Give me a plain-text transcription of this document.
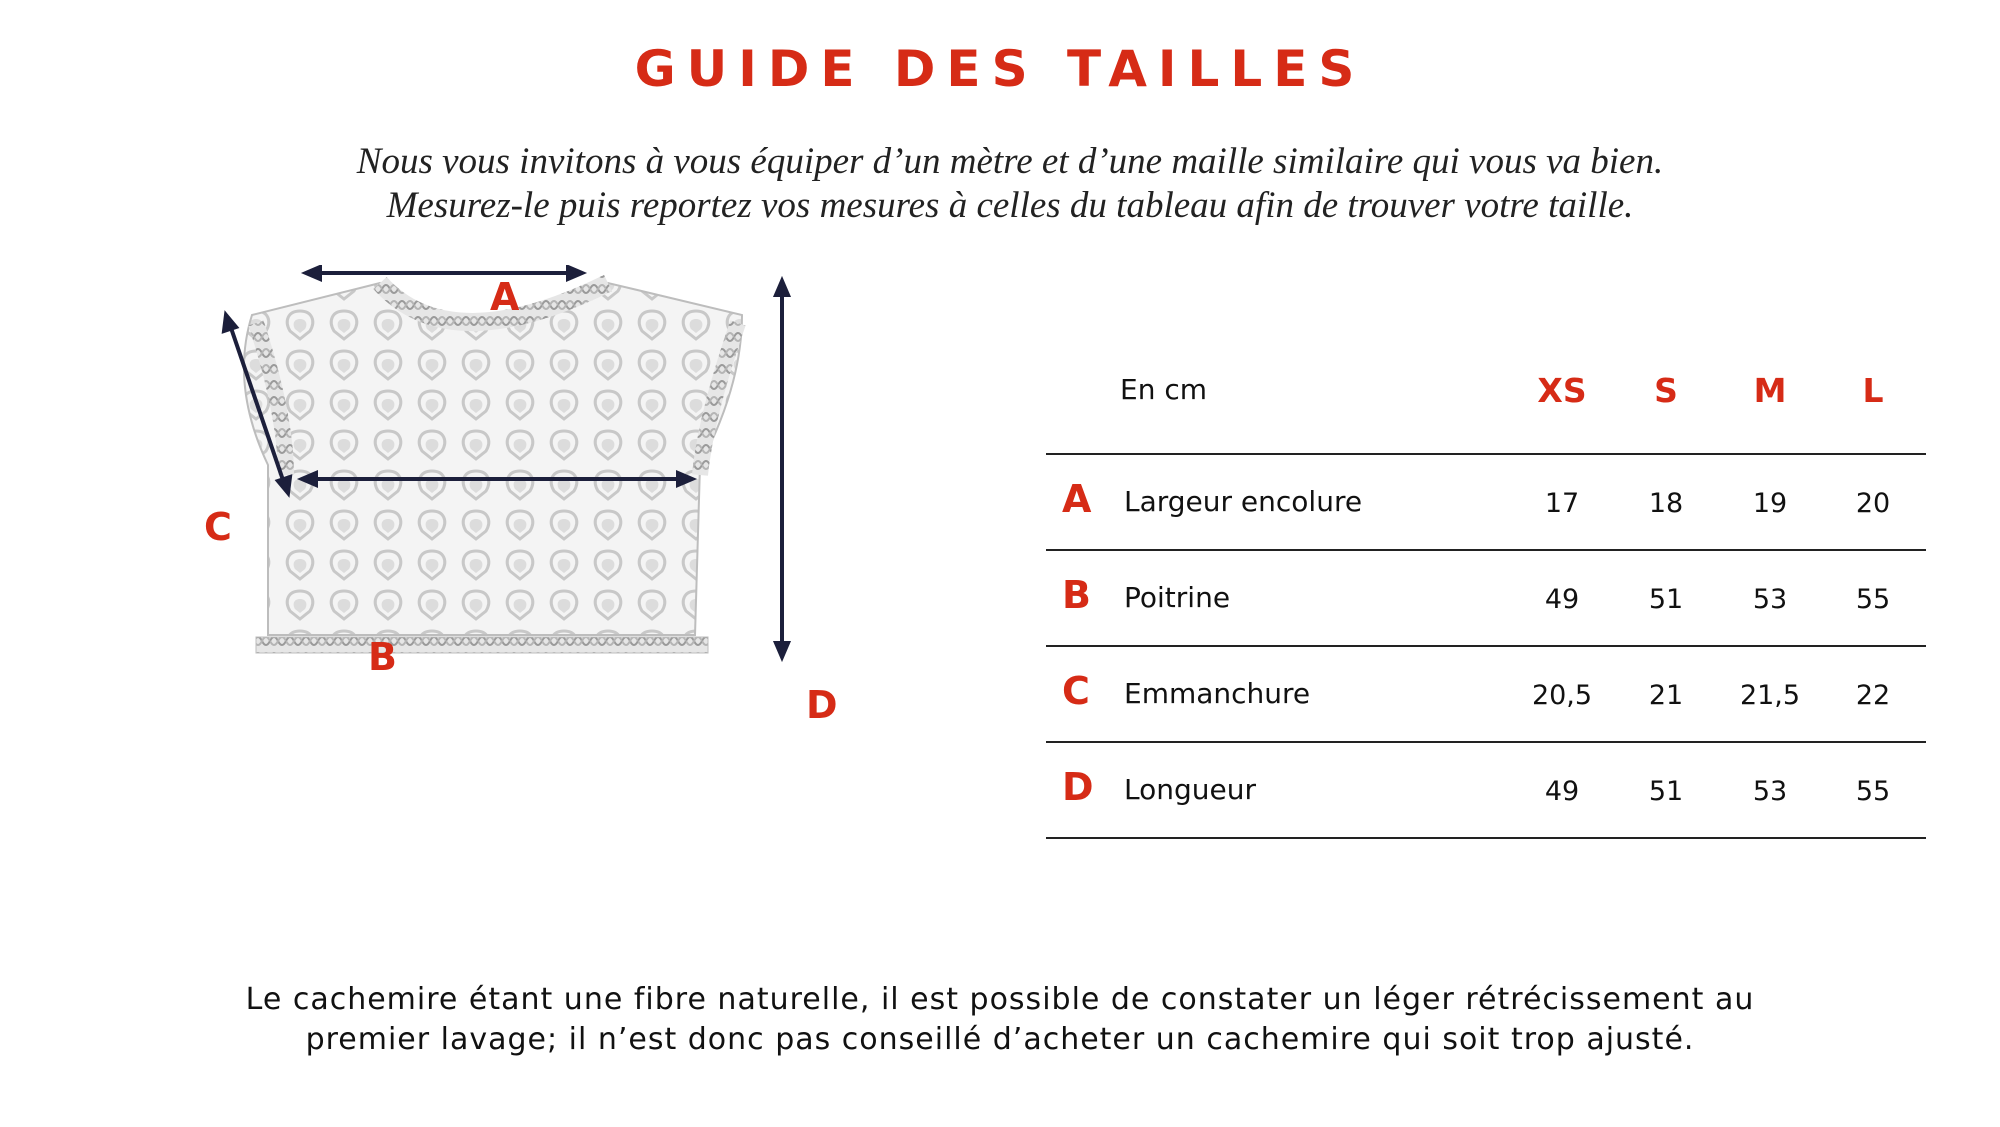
GUIDE DES TAILLES
Nous vous invitons à vous équiper d’un mètre et d’une maille similaire qui vous va bien.
Mesurez-le puis reportez vos mesures à celles du tableau afin de trouver votre taille.
A
B
C
D
En cm	XS	S	M	L
A Largeur encolure	17	18	19	20
B Poitrine	49	51	53	55
C Emmanchure	20,5	21	21,5	22
D Longueur	49	51	53	55
Le cachemire étant une fibre naturelle, il est possible de constater un léger rétrécissement au
premier lavage; il n’est donc pas conseillé d’acheter un cachemire qui soit trop ajusté.
